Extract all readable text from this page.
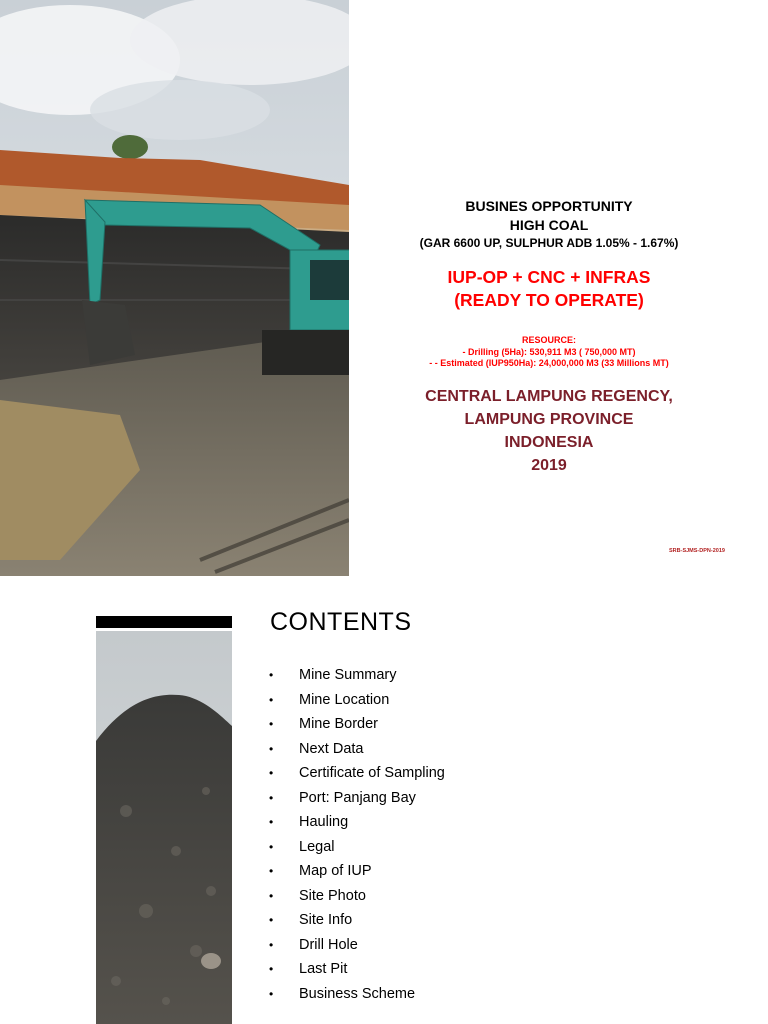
BUSINES OPPORTUNITY
HIGH COAL
(GAR 6600 UP, SULPHUR ADB 1.05% - 1.67%)
IUP-OP + CNC + INFRAS
(READY TO OPERATE)
RESOURCE:
- Drilling (5Ha): 530,911 M3 ( 750,000 MT)
- - Estimated (IUP950Ha): 24,000,000 M3 (33 Millions MT)
CENTRAL LAMPUNG REGENCY,
LAMPUNG PROVINCE
INDONESIA
2019
SRB-SJMS-DPN-2019
CONTENTS
•	Mine Summary
•	Mine Location
•	Mine Border
•	Next Data
•	Certificate of Sampling
•	Port: Panjang Bay
•	Hauling
•	Legal
•	Map of IUP
•	Site Photo
•	Site Info
•	Drill Hole
•	Last Pit
•	Business Scheme
